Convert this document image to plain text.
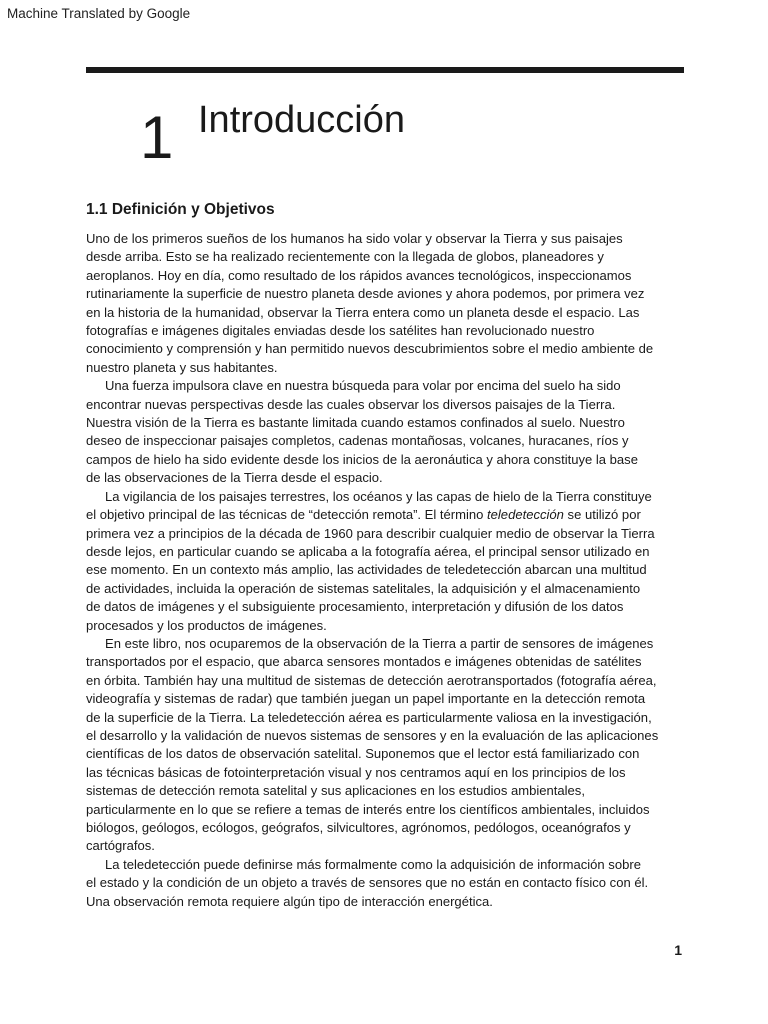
Machine Translated by Google
1 Introducción
1.1 Definición y Objetivos

Uno de los primeros sueños de los humanos ha sido volar y observar la Tierra y sus paisajes
desde arriba. Esto se ha realizado recientemente con la llegada de globos, planeadores y
aeroplanos. Hoy en día, como resultado de los rápidos avances tecnológicos, inspeccionamos
rutinariamente la superficie de nuestro planeta desde aviones y ahora podemos, por primera vez
en la historia de la humanidad, observar la Tierra entera como un planeta desde el espacio. Las
fotografías e imágenes digitales enviadas desde los satélites han revolucionado nuestro
conocimiento y comprensión y han permitido nuevos descubrimientos sobre el medio ambiente de
nuestro planeta y sus habitantes.

Una fuerza impulsora clave en nuestra búsqueda para volar por encima del suelo ha sido
encontrar nuevas perspectivas desde las cuales observar los diversos paisajes de la Tierra.
Nuestra visión de la Tierra es bastante limitada cuando estamos confinados al suelo. Nuestro
deseo de inspeccionar paisajes completos, cadenas montañosas, volcanes, huracanes, ríos y
campos de hielo ha sido evidente desde los inicios de la aeronáutica y ahora constituye la base
de las observaciones de la Tierra desde el espacio.

La vigilancia de los paisajes terrestres, los océanos y las capas de hielo de la Tierra constituye
el objetivo principal de las técnicas de “detección remota”. El término teledetección se utilizó por
primera vez a principios de la década de 1960 para describir cualquier medio de observar la Tierra
desde lejos, en particular cuando se aplicaba a la fotografía aérea, el principal sensor utilizado en
ese momento. En un contexto más amplio, las actividades de teledetección abarcan una multitud
de actividades, incluida la operación de sistemas satelitales, la adquisición y el almacenamiento
de datos de imágenes y el subsiguiente procesamiento, interpretación y difusión de los datos
procesados y los productos de imágenes.

En este libro, nos ocuparemos de la observación de la Tierra a partir de sensores de imágenes
transportados por el espacio, que abarca sensores montados e imágenes obtenidas de satélites
en órbita. También hay una multitud de sistemas de detección aerotransportados (fotografía aérea,
videografía y sistemas de radar) que también juegan un papel importante en la detección remota
de la superficie de la Tierra. La teledetección aérea es particularmente valiosa en la investigación,
el desarrollo y la validación de nuevos sistemas de sensores y en la evaluación de las aplicaciones
científicas de los datos de observación satelital. Suponemos que el lector está familiarizado con
las técnicas básicas de fotointerpretación visual y nos centramos aquí en los principios de los
sistemas de detección remota satelital y sus aplicaciones en los estudios ambientales,
particularmente en lo que se refiere a temas de interés entre los científicos ambientales, incluidos
biólogos, geólogos, ecólogos, geógrafos, silvicultores, agrónomos, pedólogos, oceanógrafos y
cartógrafos.

La teledetección puede definirse más formalmente como la adquisición de información sobre
el estado y la condición de un objeto a través de sensores que no están en contacto físico con él.
Una observación remota requiere algún tipo de interacción energética.

1
